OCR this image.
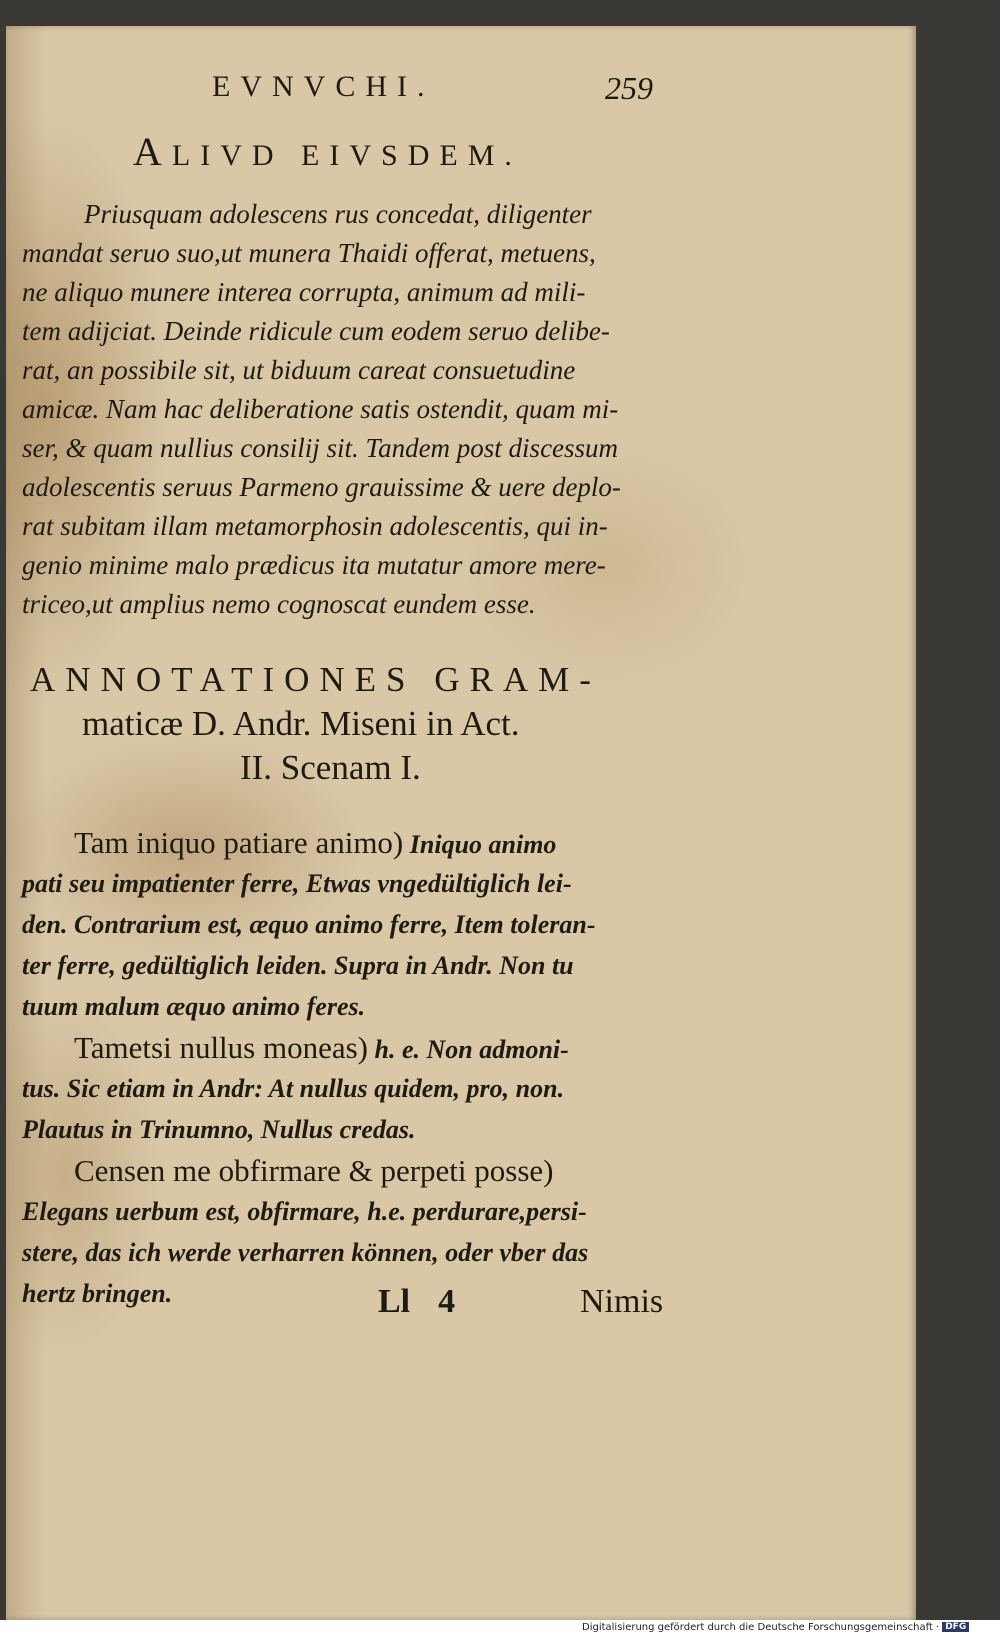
EVNVCHI.	259
ALIVD EIVSDEM.
Priusquam adolescens rus concedat, diligenter
mandat seruo suo,ut munera Thaidi offerat, metuens,
ne aliquo munere interea corrupta, animum ad mili-
tem adijciat. Deinde ridicule cum eodem seruo delibe-
rat, an possibile sit, ut biduum careat consuetudine
amicæ. Nam hac deliberatione satis ostendit, quam mi-
ser, & quam nullius consilij sit. Tandem post discessum
adolescentis seruus Parmeno grauissime & uere deplo-
rat subitam illam metamorphosin adolescentis, qui in-
genio minime malo prædicus ita mutatur amore mere-
triceo,ut amplius nemo cognoscat eundem esse.
ANNOTATIONES GRAM-
maticæ D. Andr. Miseni in Act.
II. Scenam I.
Tam iniquo patiare animo) Iniquo animo
pati seu impatienter ferre, Etwas vngedültiglich lei-
den. Contrarium est, æquo animo ferre, Item toleran-
ter ferre, gedültiglich leiden. Supra in Andr. Non tu
tuum malum æquo animo feres.
Tametsi nullus moneas) h. e. Non admoni-
tus. Sic etiam in Andr: At nullus quidem, pro, non.
Plautus in Trinumno, Nullus credas.
Censen me obfirmare & perpeti posse)
Elegans uerbum est, obfirmare, h.e. perdurare,persi-
stere, das ich werde verharren können, oder vber das
hertz bringen.	Ll 4	Nimis
Digitalisierung gefördert durch die Deutsche Forschungsgemeinschaft · DFG
